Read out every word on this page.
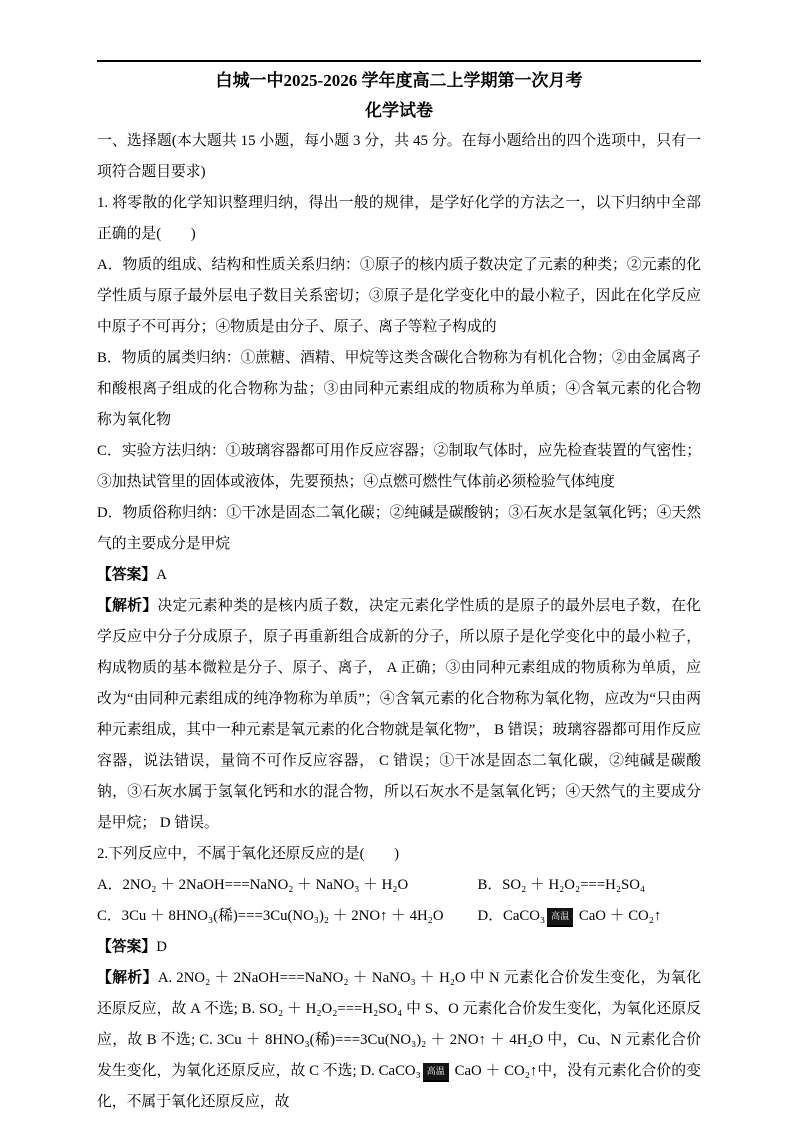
白城一中2025-2026 学年度高二上学期第一次月考
化学试卷

一、选择题(本大题共 15 小题，每小题 3 分，共 45 分。在每小题给出的四个选项中，只有一项符合题目要求)

1. 将零散的化学知识整理归纳，得出一般的规律，是学好化学的方法之一，以下归纳中全部正确的是(　　)

A．物质的组成、结构和性质关系归纳：①原子的核内质子数决定了元素的种类；②元素的化学性质与原子最外层电子数目关系密切；③原子是化学变化中的最小粒子，因此在化学反应中原子不可再分；④物质是由分子、原子、离子等粒子构成的

B．物质的属类归纳：①蔗糖、酒精、甲烷等这类含碳化合物称为有机化合物；②由金属离子和酸根离子组成的化合物称为盐；③由同种元素组成的物质称为单质；④含氧元素的化合物称为氧化物

C．实验方法归纳：①玻璃容器都可用作反应容器；②制取气体时，应先检查装置的气密性；③加热试管里的固体或液体，先要预热；④点燃可燃性气体前必须检验气体纯度

D．物质俗称归纳：①干冰是固态二氧化碳；②纯碱是碳酸钠；③石灰水是氢氧化钙；④天然气的主要成分是甲烷

【答案】A

【解析】决定元素种类的是核内质子数，决定元素化学性质的是原子的最外层电子数，在化学反应中分子分成原子，原子再重新组合成新的分子，所以原子是化学变化中的最小粒子，构成物质的基本微粒是分子、原子、离子， A 正确；③由同种元素组成的物质称为单质，应改为“由同种元素组成的纯净物称为单质”；④含氧元素的化合物称为氧化物，应改为“只由两种元素组成，其中一种元素是氧元素的化合物就是氧化物”， B 错误；玻璃容器都可用作反应容器，说法错误，量筒不可作反应容器， C 错误；①干冰是固态二氧化碳，②纯碱是碳酸钠，③石灰水属于氢氧化钙和水的混合物，所以石灰水不是氢氧化钙；④天然气的主要成分是甲烷； D 错误。

2.下列反应中，不属于氧化还原反应的是(　　)

A．2NO₂ ＋ 2NaOH===NaNO₂ ＋ NaNO₃ ＋ H₂O	B．SO₂ ＋ H₂O₂===H₂SO₄

C．3Cu ＋ 8HNO₃(稀)===3Cu(NO₃)₂ ＋ 2NO↑ ＋ 4H₂O	D．CaCO₃ 高温 CaO ＋ CO₂↑

【答案】D

【解析】A. 2NO₂ ＋ 2NaOH===NaNO₂ ＋ NaNO₃ ＋ H₂O 中 N 元素化合价发生变化，为氧化还原反应，故 A 不选; B. SO₂ ＋ H₂O₂===H₂SO₄ 中 S、O 元素化合价发生变化，为氧化还原反应，故 B 不选; C. 3Cu ＋ 8HNO₃(稀)===3Cu(NO₃)₂ ＋ 2NO↑ ＋ 4H₂O 中，Cu、N 元素化合价发生变化，为氧化还原反应，故 C 不选; D. CaCO₃ 高温 CaO ＋ CO₂↑中，没有元素化合价的变化，不属于氧化还原反应，故
